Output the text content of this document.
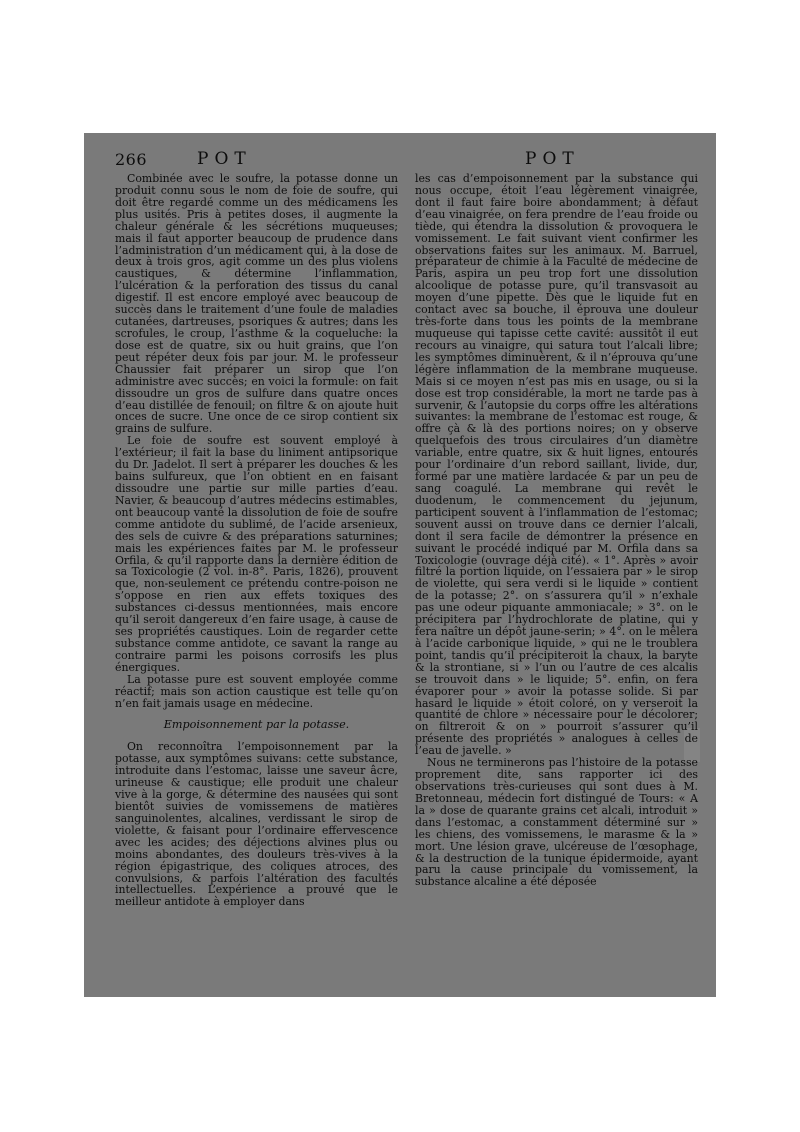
266	POT	POT

Combinée avec le soufre, la potasse donne un produit connu sous le nom de foie de soufre, qui doit être regardé comme un des médicamens les plus usités. Pris à petites doses, il augmente la chaleur générale & les sécrétions muqueuses; mais il faut apporter beaucoup de prudence dans l’administration d’un médicament qui, à la dose de deux à trois gros, agit comme un des plus violens caustiques, & détermine l’inflammation, l’ulcération & la perforation des tissus du canal digestif. Il est encore employé avec beaucoup de succès dans le traitement d’une foule de maladies cutanées, dartreuses, psoriques & autres; dans les scrofules, le croup, l’asthme & la coqueluche: la dose est de quatre, six ou huit grains, que l’on peut répéter deux fois par jour. M. le professeur Chaussier fait préparer un sirop que l’on administre avec succès; en voici la formule: on fait dissoudre un gros de sulfure dans quatre onces d’eau distillée de fenouil; on filtre & on ajoute huit onces de sucre. Une once de ce sirop contient six grains de sulfure.

Le foie de soufre est souvent employé à l’extérieur; il fait la base du liniment antipsorique du Dr. Jadelot. Il sert à préparer les douches & les bains sulfureux, que l’on obtient en en faisant dissoudre une partie sur mille parties d’eau. Navier, & beaucoup d’autres médecins estimables, ont beaucoup vanté la dissolution de foie de soufre comme antidote du sublimé, de l’acide arsenieux, des sels de cuivre & des préparations saturnines; mais les expériences faites par M. le professeur Orfila, & qu’il rapporte dans la dernière édition de sa Toxicologie (2 vol. in-8°. Paris, 1826), prouvent que, non-seulement ce prétendu contre-poison ne s’oppose en rien aux effets toxiques des substances ci-dessus mentionnées, mais encore qu’il seroit dangereux d’en faire usage, à cause de ses propriétés caustiques. Loin de regarder cette substance comme antidote, ce savant la range au contraire parmi les poisons corrosifs les plus énergiques.

La potasse pure est souvent employée comme réactif; mais son action caustique est telle qu’on n’en fait jamais usage en médecine.

Empoisonnement par la potasse.

On reconnoîtra l’empoisonnement par la potasse, aux symptômes suivans: cette substance, introduite dans l’estomac, laisse une saveur âcre, urineuse & caustique; elle produit une chaleur vive à la gorge, & détermine des nausées qui sont bientôt suivies de vomissemens de matières sanguinolentes, alcalines, verdissant le sirop de violette, & faisant pour l’ordinaire effervescence avec les acides; des déjections alvines plus ou moins abondantes, des douleurs très-vives à la région épigastrique, des coliques atroces, des convulsions, & parfois l’altération des facultés intellectuelles. L’expérience a prouvé que le meilleur antidote à employer dans

les cas d’empoisonnement par la substance qui nous occupe, étoit l’eau légèrement vinaigrée, dont il faut faire boire abondamment; à défaut d’eau vinaigrée, on fera prendre de l’eau froide ou tiède, qui étendra la dissolution & provoquera le vomissement. Le fait suivant vient confirmer les observations faites sur les animaux. M. Barruel, préparateur de chimie à la Faculté de médecine de Paris, aspira un peu trop fort une dissolution alcoolique de potasse pure, qu’il transvasoit au moyen d’une pipette. Dès que le liquide fut en contact avec sa bouche, il éprouva une douleur très-forte dans tous les points de la membrane muqueuse qui tapisse cette cavité: aussitôt il eut recours au vinaigre, qui satura tout l’alcali libre; les symptômes diminuèrent, & il n’éprouva qu’une légère inflammation de la membrane muqueuse. Mais si ce moyen n’est pas mis en usage, ou si la dose est trop considérable, la mort ne tarde pas à survenir, & l’autopsie du corps offre les altérations suivantes: la membrane de l’estomac est rouge, & offre çà & là des portions noires; on y observe quelquefois des trous circulaires d’un diamètre variable, entre quatre, six & huit lignes, entourés pour l’ordinaire d’un rebord saillant, livide, dur, formé par une matière lardacée & par un peu de sang coagulé. La membrane qui revêt le duodenum, le commencement du jejunum, participent souvent à l’inflammation de l’estomac; souvent aussi on trouve dans ce dernier l’alcali, dont il sera facile de démontrer la présence en suivant le procédé indiqué par M. Orfila dans sa Toxicologie (ouvrage déjà cité). « 1°. Après » avoir filtré la portion liquide, on l’essaiera par » le sirop de violette, qui sera verdi si le liquide » contient de la potasse; 2°. on s’assurera qu’il » n’exhale pas une odeur piquante ammoniacale; » 3°. on le précipitera par l’hydrochlorate de platine, qui y fera naître un dépôt jaune-serin; » 4°. on le mêlera à l’acide carbonique liquide, » qui ne le troublera point, tandis qu’il précipiteroit la chaux, la baryte & la strontiane, si » l’un ou l’autre de ces alcalis se trouvoit dans » le liquide; 5°. enfin, on fera évaporer pour » avoir la potasse solide. Si par hasard le liquide » étoit coloré, on y verseroit la quantité de chlore » nécessaire pour le décolorer; on filtreroit & on » pourroit s’assurer qu’il présente des propriétés » analogues à celles de l’eau de javelle. »

Nous ne terminerons pas l’histoire de la potasse proprement dite, sans rapporter ici des observations très-curieuses qui sont dues à M. Bretonneau, médecin fort distingué de Tours: « A la » dose de quarante grains cet alcali, introduit » dans l’estomac, a constamment déterminé sur » les chiens, des vomissemens, le marasme & la » mort. Une lésion grave, ulcéreuse de l’œsophage, & la destruction de la tunique épidermoide, ayant paru la cause principale du vomissement, la substance alcaline a été déposée
